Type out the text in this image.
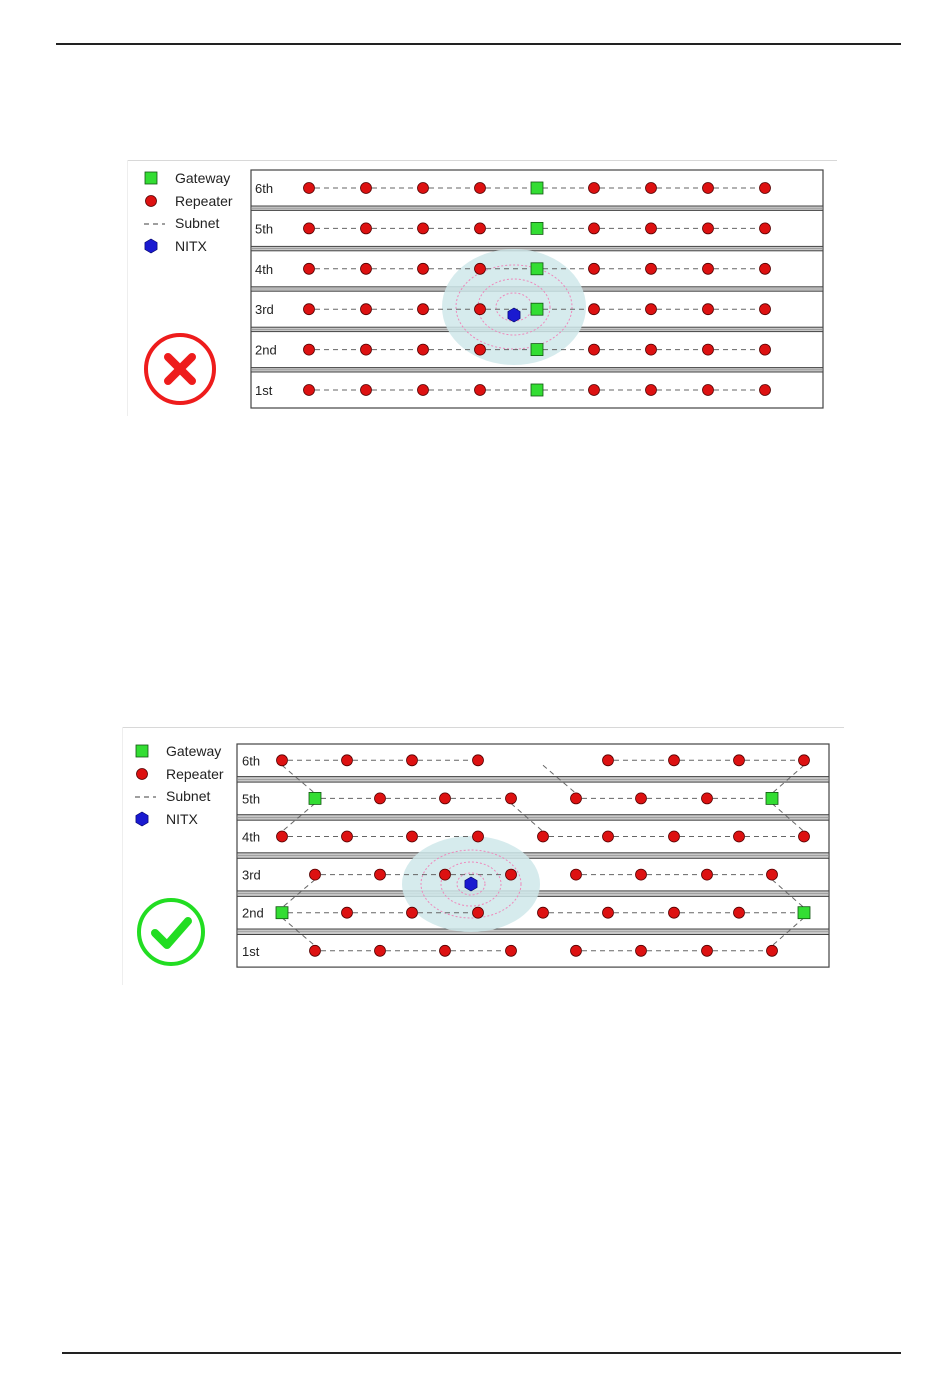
Gateway
Repeater
Subnet
NITX
6th
5th
4th
3rd
2nd
1st
Gateway
Repeater
Subnet
NITX
6th
5th
4th
3rd
2nd
1st
